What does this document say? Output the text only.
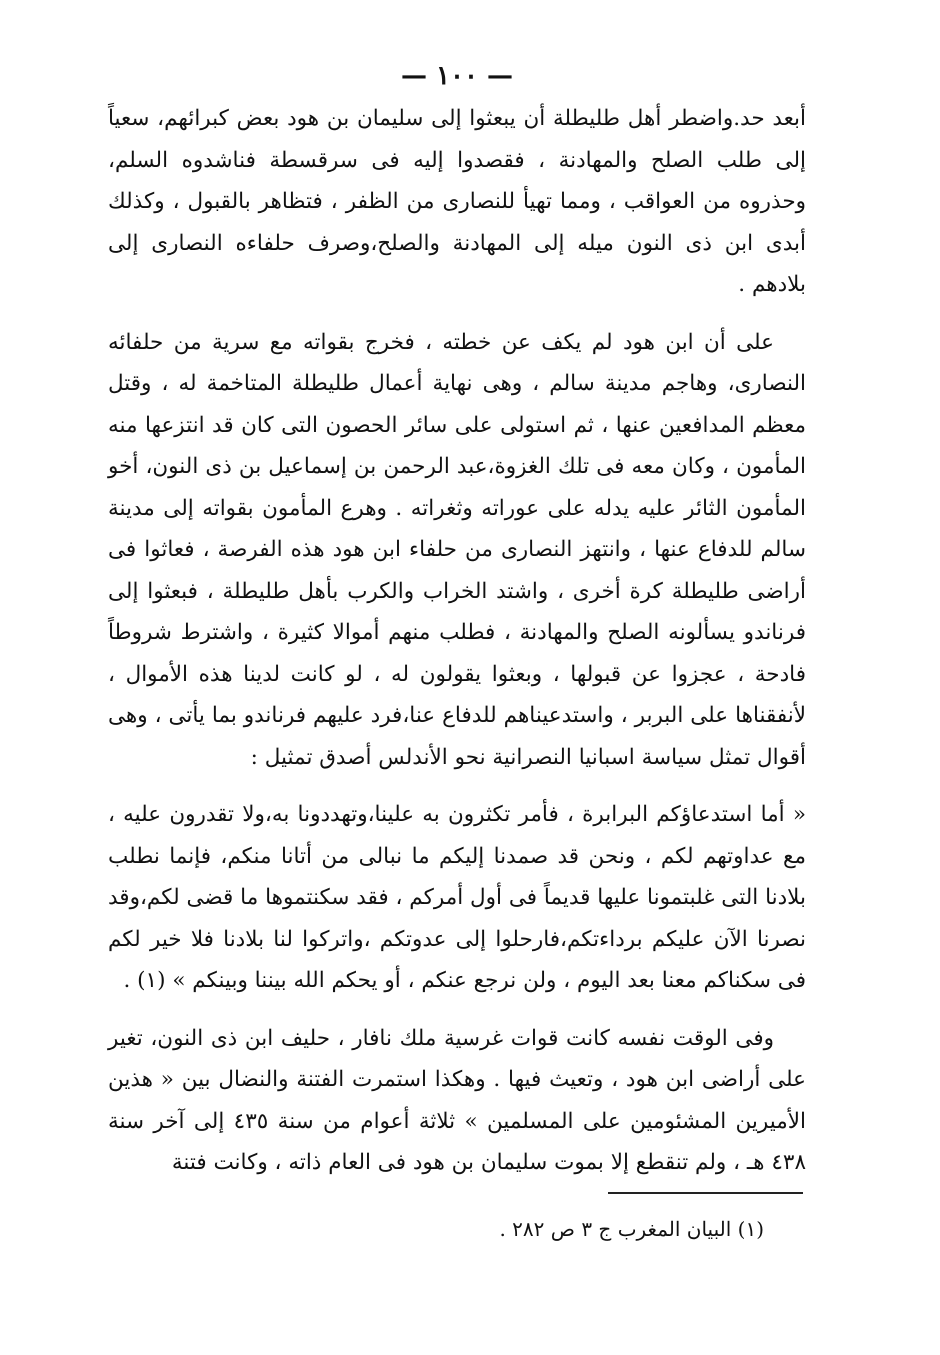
— ١٠٠ —

أبعد حد.واضطر أهل طليطلة أن يبعثوا إلى سليمان بن هود بعض كبرائهم، سعياً إلى طلب الصلح والمهادنة ، فقصدوا إليه فى سرقسطة فناشدوه السلم، وحذروه من العواقب ، ومما تهيأ للنصارى من الظفر ، فتظاهر بالقبول ، وكذلك أبدى ابن ذى النون ميله إلى المهادنة والصلح،وصرف حلفاءه النصارى إلى بلادهم .

على أن ابن هود لم يكف عن خطته ، فخرج بقواته مع سرية من حلفائه النصارى، وهاجم مدينة سالم ، وهى نهاية أعمال طليطلة المتاخمة له ، وقتل معظم المدافعين عنها ، ثم استولى على سائر الحصون التى كان قد انتزعها منه المأمون ، وكان معه فى تلك الغزوة،عبد الرحمن بن إسماعيل بن ذى النون، أخو المأمون الثائر عليه يدله على عوراته وثغراته . وهرع المأمون بقواته إلى مدينة سالم للدفاع عنها ، وانتهز النصارى من حلفاء ابن هود هذه الفرصة ، فعاثوا فى أراضى طليطلة كرة أخرى ، واشتد الخراب والكرب بأهل طليطلة ، فبعثوا إلى فرناندو يسألونه الصلح والمهادنة ، فطلب منهم أموالا كثيرة ، واشترط شروطاً فادحة ، عجزوا عن قبولها ، وبعثوا يقولون له ، لو كانت لدينا هذه الأموال ، لأنفقناها على البربر ، واستدعيناهم للدفاع عنا،فرد عليهم فرناندو بما يأتى ، وهى أقوال تمثل سياسة اسبانيا النصرانية نحو الأندلس أصدق تمثيل :

« أما استدعاؤكم البرابرة ، فأمر تكثرون به علينا،وتهددونا به،ولا تقدرون عليه ، مع عداوتهم لكم ، ونحن قد صمدنا إليكم ما نبالى من أتانا منكم، فإنما نطلب بلادنا التى غلبتمونا عليها قديماً فى أول أمركم ، فقد سكنتموها ما قضى لكم،وقد نصرنا الآن عليكم برداءتكم،فارحلوا إلى عدوتكم ،واتركوا لنا بلادنا فلا خير لكم فى سكناكم معنا بعد اليوم ، ولن نرجع عنكم ، أو يحكم الله بيننا وبينكم » (١) .

وفى الوقت نفسه كانت قوات غرسية ملك نافار ، حليف ابن ذى النون، تغير على أراضى ابن هود ، وتعيث فيها . وهكذا استمرت الفتنة والنضال بين « هذين الأميرين المشئومين على المسلمين » ثلاثة أعوام من سنة ٤٣٥ إلى آخر سنة ٤٣٨ هـ ، ولم تنقطع إلا بموت سليمان بن هود فى العام ذاته ، وكانت فتنة

(١) البيان المغرب ج ٣ ص ٢٨٢ .
